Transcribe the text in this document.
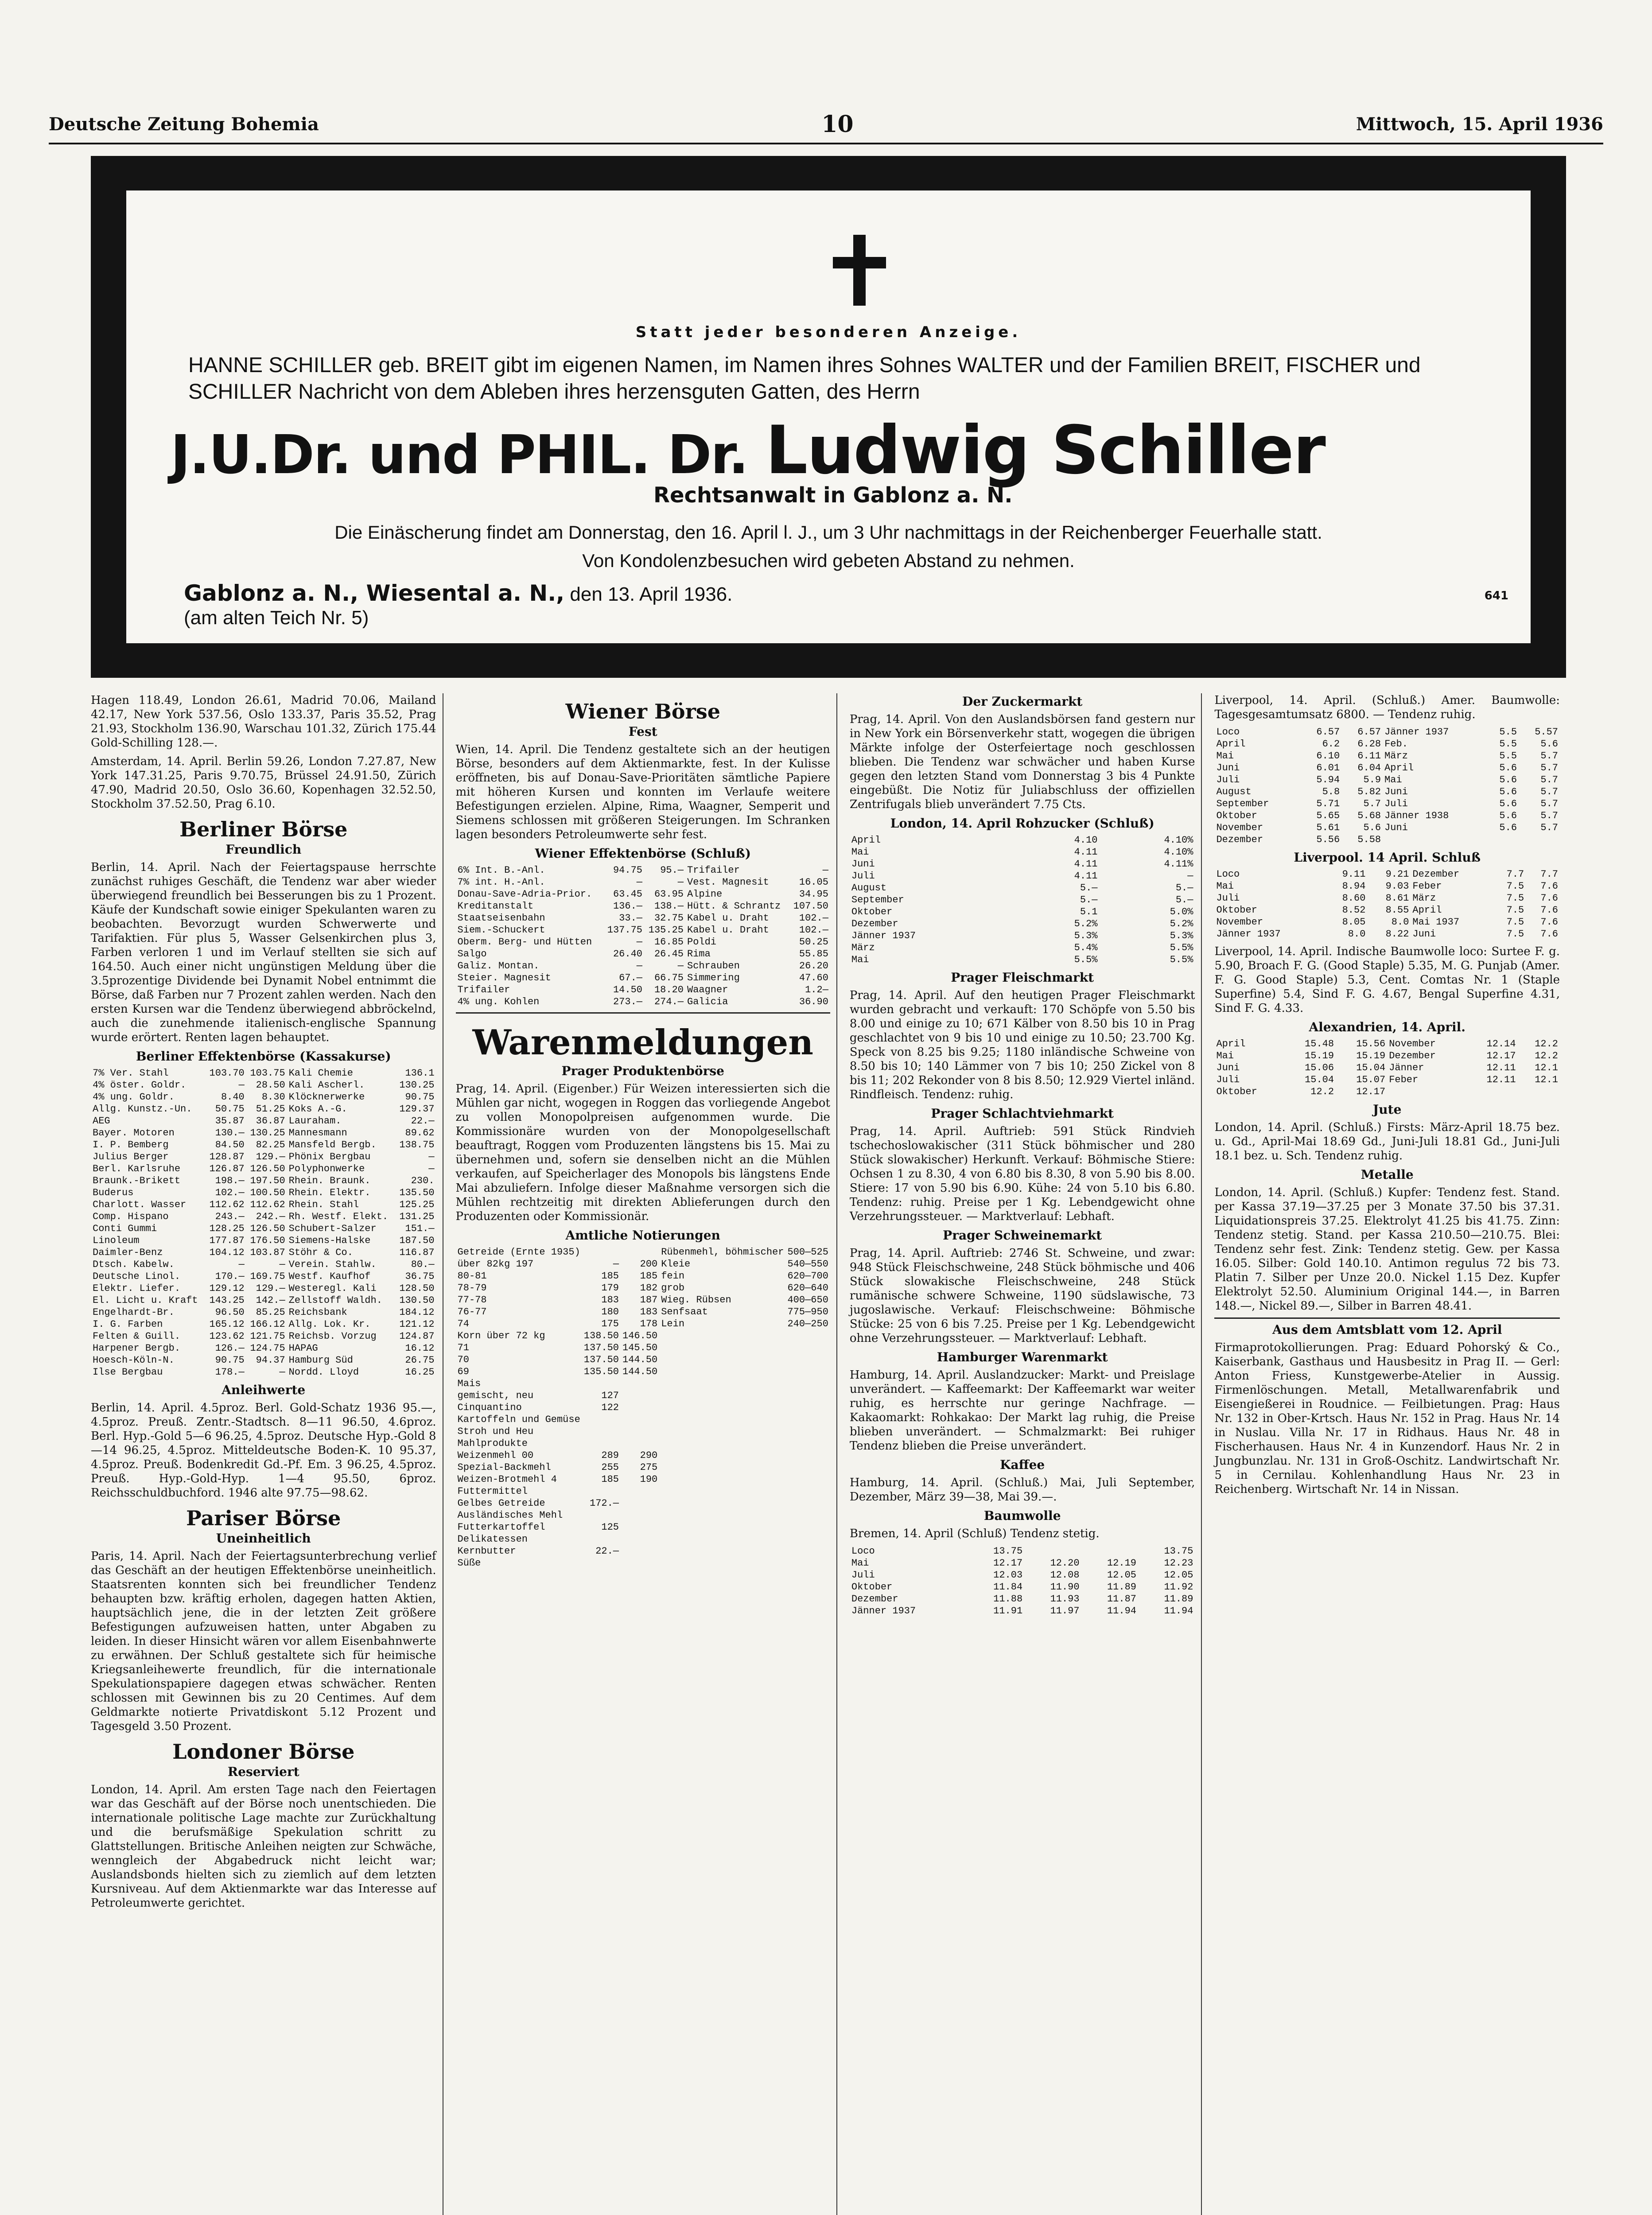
Deutsche Zeitung Bohemia	10	Mittwoch, 15. April 1936
Statt jeder besonderen Anzeige.
HANNE SCHILLER geb. BREIT gibt im eigenen Namen, im Namen ihres Sohnes WALTER und der Familien BREIT, FISCHER und SCHILLER Nachricht von dem Ableben ihres herzensguten Gatten, des Herrn
J.U.Dr. und PHIL. Dr. Ludwig Schiller
Rechtsanwalt in Gablonz a. N.
Die Einäscherung findet am Donnerstag, den 16. April l. J., um 3 Uhr nachmittags in der Reichenberger Feuerhalle statt.
Von Kondolenzbesuchen wird gebeten Abstand zu nehmen.
Gablonz a. N., Wiesental a. N., den 13. April 1936.
(am alten Teich Nr. 5)
641

Hagen 118.49, London 26.61, Madrid 70.06, Mailand 42.17, New York 537.56, Oslo 133.37, Paris 35.52, Prag 21.93, Stockholm 136.90, Warschau 101.32, Zürich 175.44 Gold-Schilling 128.—.

Amsterdam, 14. April. Berlin 59.26, London 7.27.87, New York 147.31.25, Paris 9.70.75, Brüssel 24.91.50, Zürich 47.90, Madrid 20.50, Oslo 36.60, Kopenhagen 32.52.50, Stockholm 37.52.50, Prag 6.10.

Berliner Börse
Freundlich

Berlin, 14. April. Nach der Feiertagspause herrschte zunächst ruhiges Geschäft, die Tendenz war aber wieder überwiegend freundlich bei Besserungen bis zu 1 Prozent. Käufe der Kundschaft sowie einiger Spekulanten waren zu beobachten. Bevorzugt wurden Schwerwerte und Tarifaktien. Für plus 5, Wasser Gelsenkirchen plus 3, Farben verloren 1 und im Verlauf stellten sie sich auf 164.50. Auch einer nicht ungünstigen Meldung über die 3.5prozentige Dividende bei Dynamit Nobel entnimmt die Börse, daß Farben nur 7 Prozent zahlen werden. Nach den ersten Kursen war die Tendenz überwiegend abbröckelnd, auch die zunehmende italienisch-englische Spannung wurde erörtert. Renten lagen behauptet.

Berliner Effektenbörse (Kassakurse)
7% Ver. Stahl	103.70	103.75	Kali Chemie	136.1
4% öster. Goldr.	—	28.50	Kali Ascherl.	130.25
4% ung. Goldr.	8.40	8.30	Klöcknerwerke	90.75
Allg. Kunstz.-Un.	50.75	51.25	Koks A.-G.	129.37
AEG	35.87	36.87	Lauraham.	22.—
Bayer. Motoren	130.—	130.25	Mannesmann	89.62
I. P. Bemberg	84.50	82.25	Mansfeld Bergb.	138.75
Julius Berger	128.87	129.—	Phönix Bergbau	—
Berl. Karlsruhe	126.87	126.50	Polyphonwerke	—
Braunk.-Brikett	198.—	197.50	Rhein. Braunk.	230.
Buderus	102.—	100.50	Rhein. Elektr.	135.50
Charlott. Wasser	112.62	112.62	Rhein. Stahl	125.25
Comp. Hispano	243.—	242.—	Rh. Westf. Elekt.	131.25
Conti Gummi	128.25	126.50	Schubert-Salzer	151.—
Linoleum	177.87	176.50	Siemens-Halske	187.50
Daimler-Benz	104.12	103.87	Stöhr & Co.	116.87
Dtsch. Kabelw.	—	—	Verein. Stahlw.	80.—
Deutsche Linol.	170.—	169.75	Westf. Kaufhof	36.75
Elektr. Liefer.	129.12	129.—	Westeregl. Kali	128.50
El. Licht u. Kraft	143.25	142.—	Zellstoff Waldh.	130.50
Engelhardt-Br.	96.50	85.25	Reichsbank	184.12
I. G. Farben	165.12	166.12	Allg. Lok. Kr.	121.12
Felten & Guill.	123.62	121.75	Reichsb. Vorzug	124.87
Harpener Bergb.	126.—	124.75	HAPAG	16.12
Hoesch-Köln-N.	90.75	94.37	Hamburg Süd	26.75
Ilse Bergbau	178.—	—	Nordd. Lloyd	16.25
Anleihwerte

Berlin, 14. April. 4.5proz. Berl. Gold-Schatz 1936 95.—, 4.5proz. Preuß. Zentr.-Stadtsch. 8—11 96.50, 4.6proz. Berl. Hyp.-Gold 5—6 96.25, 4.5proz. Deutsche Hyp.-Gold 8—14 96.25, 4.5proz. Mitteldeutsche Boden-K. 10 95.37, 4.5proz. Preuß. Bodenkredit Gd.-Pf. Em. 3 96.25, 4.5proz. Preuß. Hyp.-Gold-Hyp. 1—4 95.50, 6proz. Reichsschuldbuchford. 1946 alte 97.75—98.62.

Pariser Börse
Uneinheitlich

Paris, 14. April. Nach der Feiertagsunterbrechung verlief das Geschäft an der heutigen Effektenbörse uneinheitlich. Staatsrenten konnten sich bei freundlicher Tendenz behaupten bzw. kräftig erholen, dagegen hatten Aktien, hauptsächlich jene, die in der letzten Zeit größere Befestigungen aufzuweisen hatten, unter Abgaben zu leiden. In dieser Hinsicht wären vor allem Eisenbahnwerte zu erwähnen. Der Schluß gestaltete sich für heimische Kriegsanleihewerte freundlich, für die internationale Spekulationspapiere dagegen etwas schwächer. Renten schlossen mit Gewinnen bis zu 20 Centimes. Auf dem Geldmarkte notierte Privatdiskont 5.12 Prozent und Tagesgeld 3.50 Prozent.

Londoner Börse
Reserviert

London, 14. April. Am ersten Tage nach den Feiertagen war das Geschäft auf der Börse noch unentschieden. Die internationale politische Lage machte zur Zurückhaltung und die berufsmäßige Spekulation schritt zu Glattstellungen. Britische Anleihen neigten zur Schwäche, wenngleich der Abgabedruck nicht leicht war; Auslandsbonds hielten sich zu ziemlich auf dem letzten Kursniveau. Auf dem Aktienmarkte war das Interesse auf Petroleumwerte gerichtet.

Wiener Börse
Fest

Wien, 14. April. Die Tendenz gestaltete sich an der heutigen Börse, besonders auf dem Aktienmarkte, fest. In der Kulisse eröffneten, bis auf Donau-Save-Prioritäten sämtliche Papiere mit höheren Kursen und konnten im Verlaufe weitere Befestigungen erzielen. Alpine, Rima, Waagner, Semperit und Siemens schlossen mit größeren Steigerungen. Im Schranken lagen besonders Petroleumwerte sehr fest.

Wiener Effektenbörse (Schluß)
6% Int. B.-Anl.	94.75	95.—	Trifailer	—
7% int. H.-Anl.	—	—	Vest. Magnesit	16.05
Donau-Save-Adria-Prior.	63.45	63.95	Alpine	34.95
Kreditanstalt	136.—	138.—	Hütt. & Schrantz	107.50
Staatseisenbahn	33.—	32.75	Kabel u. Draht	102.—
Siem.-Schuckert	137.75	135.25	Kabel u. Draht	102.—
Oberm. Berg- und Hütten	—	16.85	Poldi	50.25
Salgo	26.40	26.45	Rima	55.85
Galiz. Montan.	—	—	Schrauben	26.20
Steier. Magnesit	67.—	66.75	Simmering	47.60
Trifailer	14.50	18.20	Waagner	1.2—
4% ung. Kohlen	273.—	274.—	Galicia	36.90
Warenmeldungen
Prager Produktenbörse

Prag, 14. April. (Eigenber.) Für Weizen interessierten sich die Mühlen gar nicht, wogegen in Roggen das vorliegende Angebot zu vollen Monopolpreisen aufgenommen wurde. Die Kommissionäre wurden von der Monopolgesellschaft beauftragt, Roggen vom Produzenten längstens bis 15. Mai zu übernehmen und, sofern sie denselben nicht an die Mühlen verkaufen, auf Speicherlager des Monopols bis längstens Ende Mai abzuliefern. Infolge dieser Maßnahme versorgen sich die Mühlen rechtzeitig mit direkten Ablieferungen durch den Produzenten oder Kommissionär.

Amtliche Notierungen
Getreide (Ernte 1935)			Rübenmehl, böhmischer	500—525
über 82kg 197	—	200	Kleie	540—550
80-81	185	185	fein	620—700
78-79	179	182	grob	620—640
77-78	183	187	Wieg. Rübsen	400—650
76-77	180	183	Senfsaat	775—950
74	175	178	Lein	240—250
Korn über 72 kg	138.50	146.50		
71	137.50	145.50		
70	137.50	144.50		
69	135.50	144.50		
Mais				
gemischt, neu	127			
Cinquantino	122			
Kartoffeln und Gemüse				
Stroh und Heu				
Mahlprodukte				
Weizenmehl 00	289	290		
Spezial-Backmehl	255	275		
Weizen-Brotmehl 4	185	190		
Futtermittel				
Gelbes Getreide	172.—			
Ausländisches Mehl				
Futterkartoffel	125			
Delikatessen				
Kernbutter	22.—			
Süße				
Der Zuckermarkt

Prag, 14. April. Von den Auslandsbörsen fand gestern nur in New York ein Börsenverkehr statt, wogegen die übrigen Märkte infolge der Osterfeiertage noch geschlossen blieben. Die Tendenz war schwächer und haben Kurse gegen den letzten Stand vom Donnerstag 3 bis 4 Punkte eingebüßt. Die Notiz für Juliabschluss der offiziellen Zentrifugals blieb unverändert 7.75 Cts.

London, 14. April Rohzucker (Schluß)
April	4.10		4.10%
Mai	4.11		4.10%
Juni	4.11		4.11%
Juli	4.11		—
August	5.—		5.—
September	5.—		5.—
Oktober	5.1		5.0%
Dezember	5.2%		5.2%
Jänner 1937	5.3%		5.3%
März	5.4%		5.5%
Mai	5.5%		5.5%
Prager Fleischmarkt

Prag, 14. April. Auf den heutigen Prager Fleischmarkt wurden gebracht und verkauft: 170 Schöpfe von 5.50 bis 8.00 und einige zu 10; 671 Kälber von 8.50 bis 10 in Prag geschlachtet von 9 bis 10 und einige zu 10.50; 23.700 Kg. Speck von 8.25 bis 9.25; 1180 inländische Schweine von 8.50 bis 10; 140 Lämmer von 7 bis 10; 250 Zickel von 8 bis 11; 202 Rekonder von 8 bis 8.50; 12.929 Viertel inländ. Rindfleisch. Tendenz: ruhig.

Prager Schlachtviehmarkt

Prag, 14. April. Auftrieb: 591 Stück Rindvieh tschechoslowakischer (311 Stück böhmischer und 280 Stück slowakischer) Herkunft. Verkauf: Böhmische Stiere: Ochsen 1 zu 8.30, 4 von 6.80 bis 8.30, 8 von 5.90 bis 8.00. Stiere: 17 von 5.90 bis 6.90. Kühe: 24 von 5.10 bis 6.80. Tendenz: ruhig. Preise per 1 Kg. Lebendgewicht ohne Verzehrungssteuer. — Marktverlauf: Lebhaft.

Prager Schweinemarkt

Prag, 14. April. Auftrieb: 2746 St. Schweine, und zwar: 948 Stück Fleischschweine, 248 Stück böhmische und 406 Stück slowakische Fleischschweine, 248 Stück rumänische schwere Schweine, 1190 südslawische, 73 jugoslawische. Verkauf: Fleischschweine: Böhmische Stücke: 25 von 6 bis 7.25. Preise per 1 Kg. Lebendgewicht ohne Verzehrungssteuer. — Marktverlauf: Lebhaft.

Hamburger Warenmarkt

Hamburg, 14. April. Auslandzucker: Markt- und Preislage unverändert. — Kaffeemarkt: Der Kaffeemarkt war weiter ruhig, es herrschte nur geringe Nachfrage. — Kakaomarkt: Rohkakao: Der Markt lag ruhig, die Preise blieben unverändert. — Schmalzmarkt: Bei ruhiger Tendenz blieben die Preise unverändert.

Kaffee

Hamburg, 14. April. (Schluß.) Mai, Juli September, Dezember, März 39—38, Mai 39.—.

Baumwolle

Bremen, 14. April (Schluß) Tendenz stetig.

Loco	13.75			13.75
Mai	12.17	12.20	12.19	12.23
Juli	12.03	12.08	12.05	12.05
Oktober	11.84	11.90	11.89	11.92
Dezember	11.88	11.93	11.87	11.89
Jänner 1937	11.91	11.97	11.94	11.94

Liverpool, 14. April. (Schluß.) Amer. Baumwolle: Tagesgesamtumsatz 6800. — Tendenz ruhig.

Loco	6.57	6.57	Jänner 1937	5.5	5.57
April	6.2	6.28	Feb.	5.5	5.6
Mai	6.10	6.11	März	5.5	5.7
Juni	6.01	6.04	April	5.6	5.7
Juli	5.94	5.9	Mai	5.6	5.7
August	5.8	5.82	Juni	5.6	5.7
September	5.71	5.7	Juli	5.6	5.7
Oktober	5.65	5.68	Jänner 1938	5.6	5.7
November	5.61	5.6	Juni	5.6	5.7
Dezember	5.56	5.58			
Liverpool. 14 April. Schluß
Loco	9.11	9.21	Dezember	7.7	7.7
Mai	8.94	9.03	Feber	7.5	7.6
Juli	8.60	8.61	März	7.5	7.6
Oktober	8.52	8.55	April	7.5	7.6
November	8.05	8.0	Mai 1937	7.5	7.6
Jänner 1937	8.0	8.22	Juni	7.5	7.6

Liverpool, 14. April. Indische Baumwolle loco: Surtee F. g. 5.90, Broach F. G. (Good Staple) 5.35, M. G. Punjab (Amer. F. G. Good Staple) 5.3, Cent. Comtas Nr. 1 (Staple Superfine) 5.4, Sind F. G. 4.67, Bengal Superfine 4.31, Sind F. G. 4.33.

Alexandrien, 14. April.
April	15.48	15.56	November	12.14	12.2
Mai	15.19	15.19	Dezember	12.17	12.2
Juni	15.06	15.04	Jänner	12.11	12.1
Juli	15.04	15.07	Feber	12.11	12.1
Oktober	12.2	12.17			
Jute

London, 14. April. (Schluß.) Firsts: März-April 18.75 bez. u. Gd., April-Mai 18.69 Gd., Juni-Juli 18.81 Gd., Juni-Juli 18.1 bez. u. Sch. Tendenz ruhig.

Metalle

London, 14. April. (Schluß.) Kupfer: Tendenz fest. Stand. per Kassa 37.19—37.25 per 3 Monate 37.50 bis 37.31. Liquidationspreis 37.25. Elektrolyt 41.25 bis 41.75. Zinn: Tendenz stetig. Stand. per Kassa 210.50—210.75. Blei: Tendenz sehr fest. Zink: Tendenz stetig. Gew. per Kassa 16.05. Silber: Gold 140.10. Antimon regulus 72 bis 73. Platin 7. Silber per Unze 20.0. Nickel 1.15 Dez. Kupfer Elektrolyt 52.50. Aluminium Original 144.—, in Barren 148.—, Nickel 89.—, Silber in Barren 48.41.

Aus dem Amtsblatt vom 12. April

Firmaprotokollierungen. Prag: Eduard Pohorský & Co., Kaiserbank, Gasthaus und Hausbesitz in Prag II. — Gerl: Anton Friess, Kunstgewerbe-Atelier in Aussig. Firmenlöschungen. Metall, Metallwarenfabrik und Eisengießerei in Roudnice. — Feilbietungen. Prag: Haus Nr. 132 in Ober-Krtsch. Haus Nr. 152 in Prag. Haus Nr. 14 in Nuslau. Villa Nr. 17 in Ridhaus. Haus Nr. 48 in Fischerhausen. Haus Nr. 4 in Kunzendorf. Haus Nr. 2 in Jungbunzlau. Nr. 131 in Groß-Oschitz. Landwirtschaft Nr. 5 in Cernilau. Kohlenhandlung Haus Nr. 23 in Reichenberg. Wirtschaft Nr. 14 in Nissan.
